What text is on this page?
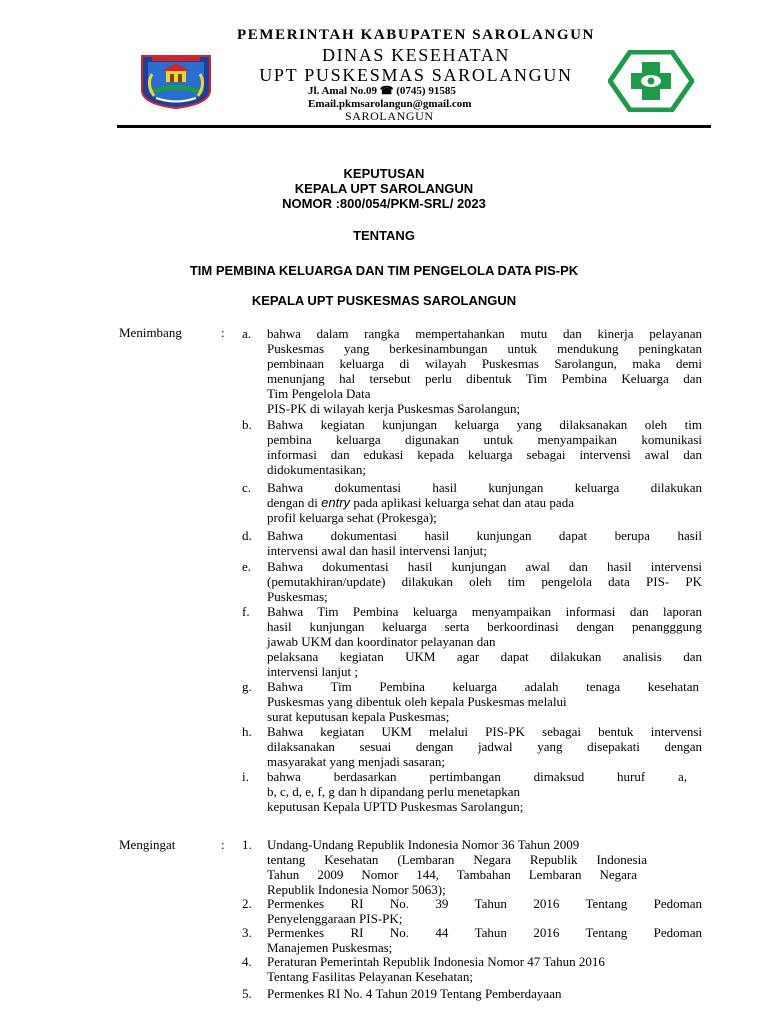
PEMERINTAH KABUPATEN SAROLANGUN
DINAS KESEHATAN
UPT PUSKESMAS SAROLANGUN
Jl. Amal No.09 ☎ (0745) 91585
Email.pkmsarolangun@gmail.com
SAROLANGUN
KEPUTUSAN
KEPALA UPT SAROLANGUN
NOMOR :800/054/PKM-SRL/ 2023
TENTANG
TIM PEMBINA KELUARGA DAN TIM PENGELOLA DATA PIS-PK
KEPALA UPT PUSKESMAS SAROLANGUN
Menimbang	: a.	bahwa dalam rangka mempertahankan mutu dan kinerja pelayanan
Puskesmas yang berkesinambungan untuk mendukung peningkatan
pembinaan keluarga di wilayah Puskesmas Sarolangun, maka demi
menunjang hal tersebut perlu dibentuk Tim Pembina Keluarga dan
Tim Pengelola Data
PIS-PK di wilayah kerja Puskesmas Sarolangun;
b.	Bahwa kegiatan kunjungan keluarga yang dilaksanakan oleh tim
pembina keluarga digunakan untuk menyampaikan komunikasi
informasi dan edukasi kepada keluarga sebagai intervensi awal dan
didokumentasikan;
c.	Bahwa dokumentasi hasil kunjungan keluarga dilakukan
dengan di entry pada aplikasi keluarga sehat dan atau pada
profil keluarga sehat (Prokesga);
d.	Bahwa dokumentasi hasil kunjungan dapat berupa hasil
intervensi awal dan hasil intervensi lanjut;
e.	Bahwa dokumentasi hasil kunjungan awal dan hasil intervensi
(pemutakhiran/update) dilakukan oleh tim pengelola data PIS- PK
Puskesmas;
f.	Bahwa Tim Pembina keluarga menyampaikan informasi dan laporan
hasil kunjungan keluarga serta berkoordinasi dengan penangggung
jawab UKM dan koordinator pelayanan dan
pelaksana kegiatan UKM agar dapat dilakukan analisis dan
intervensi lanjut ;
g.	Bahwa Tim Pembina keluarga adalah tenaga kesehatan
Puskesmas yang dibentuk oleh kepala Puskesmas melalui
surat keputusan kepala Puskesmas;
h.	Bahwa kegiatan UKM melalui PIS-PK sebagai bentuk intervensi
dilaksanakan sesuai dengan jadwal yang disepakati dengan
masyarakat yang menjadi sasaran;
i.	bahwa berdasarkan pertimbangan dimaksud huruf a,
b, c, d, e, f, g dan h dipandang perlu menetapkan
keputusan Kepala UPTD Puskesmas Sarolangun;
Mengingat	: 1.	Undang-Undang Republik Indonesia Nomor 36 Tahun 2009
tentang Kesehatan (Lembaran Negara Republik Indonesia
Tahun 2009 Nomor 144, Tambahan Lembaran Negara
Republik Indonesia Nomor 5063);
2.	Permenkes RI No. 39 Tahun 2016 Tentang Pedoman
Penyelenggaraan PIS-PK;
3.	Permenkes RI No. 44 Tahun 2016 Tentang Pedoman
Manajemen Puskesmas;
4.	Peraturan Pemerintah Republik Indonesia Nomor 47 Tahun 2016
Tentang Fasilitas Pelayanan Kesehatan;
5.	Permenkes RI No. 4 Tahun 2019 Tentang Pemberdayaan
